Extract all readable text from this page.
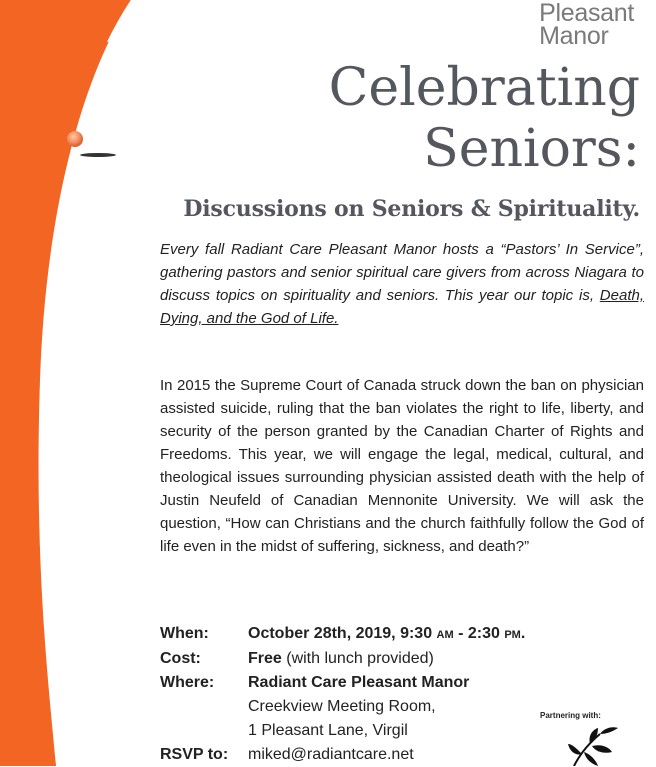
Pleasant
Manor
Celebrating
Seniors:
Discussions on Seniors & Spirituality.

Every fall Radiant Care Pleasant Manor hosts a “Pastors’ In Service”, gathering pastors and senior spiritual care givers from across Niagara to discuss topics on spirituality and seniors. This year our topic is, Death, Dying, and the God of Life.

In 2015 the Supreme Court of Canada struck down the ban on physician assisted suicide, ruling that the ban violates the right to life, liberty, and security of the person granted by the Canadian Charter of Rights and Freedoms. This year, we will engage the legal, medical, cultural, and theological issues surrounding physician assisted death with the help of Justin Neufeld of Canadian Mennonite University. We will ask the question, “How can Christians and the church faithfully follow the God of life even in the midst of suffering, sickness, and death?”

When:	October 28th, 2019, 9:30 AM - 2:30 PM.
Cost:	Free (with lunch provided)
Where:	Radiant Care Pleasant Manor
Creekview Meeting Room,
1 Pleasant Lane, Virgil
RSVP to:	miked@radiantcare.net
Partnering with:
